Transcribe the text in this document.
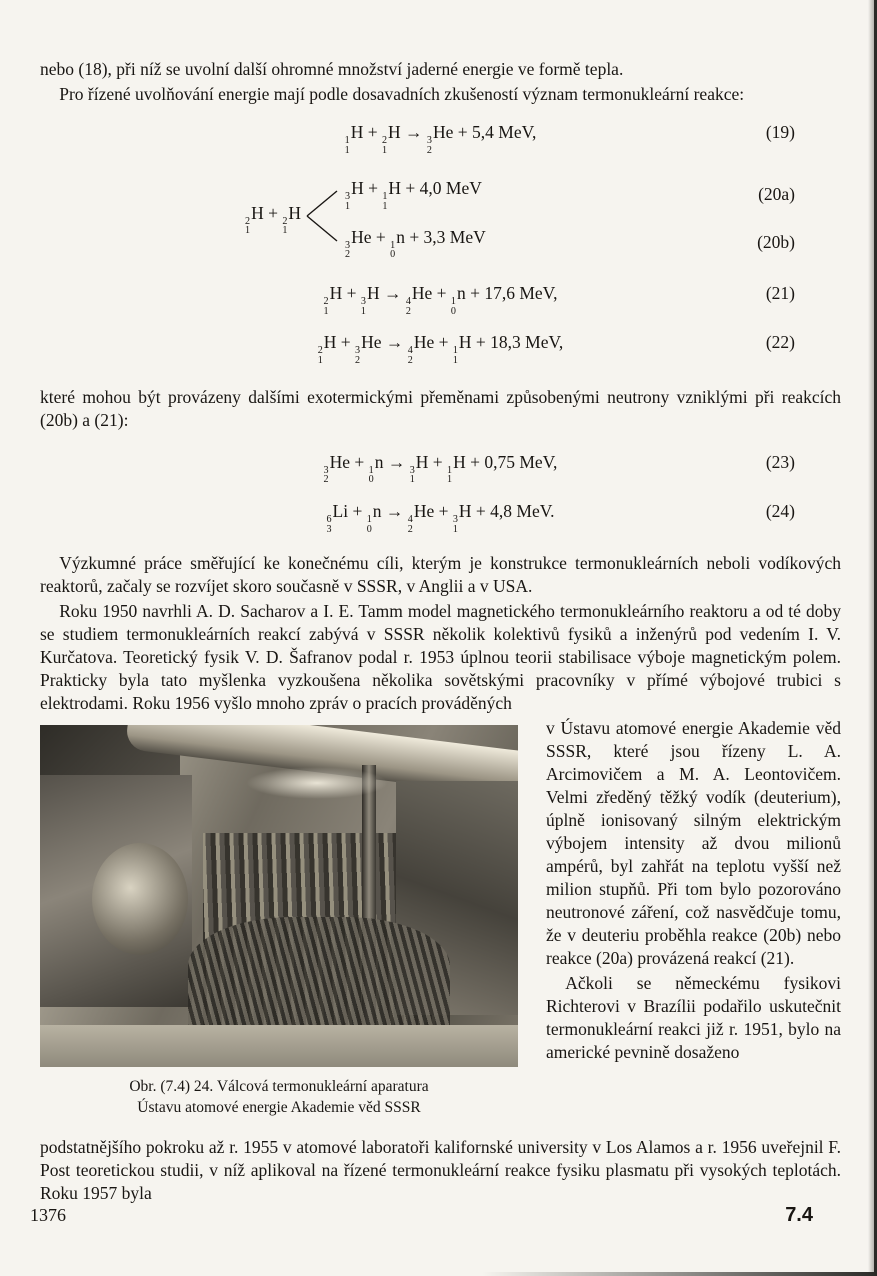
nebo (18), při níž se uvolní další ohromné množství jaderné energie ve formě tepla.

Pro řízené uvolňování energie mají podle dosavadních zkušeností význam termonukleární reakce:

1
1
H + 2
1
H → 3
2
He + 5,4 MeV,	(19)
2
1
H + 2
1
H
3
1
H + 1
1
H + 4,0 MeV	(20a)
3
2
He + 1
0
n + 3,3 MeV	(20b)
2
1
H + 3
1
H → 4
2
He + 1
0
n + 17,6 MeV,	(21)
2
1
H + 3
2
He → 4
2
He + 1
1
H + 18,3 MeV,	(22)

které mohou být provázeny dalšími exotermickými přeměnami způsobenými neutrony vzniklými při reakcích (20b) a (21):

3
2
He + 1
0
n → 3
1
H + 1
1
H + 0,75 MeV,	(23)
6
3
Li + 1
0
n → 4
2
He + 3
1
H + 4,8 MeV.	(24)

Výzkumné práce směřující ke konečnému cíli, kterým je konstrukce termonukleárních neboli vodíkových reaktorů, začaly se rozvíjet skoro současně v SSSR, v Anglii a v USA.

Roku 1950 navrhli A. D. Sacharov a I. E. Tamm model magnetického termonukleárního reaktoru a od té doby se studiem termonukleárních reakcí zabývá v SSSR několik kolektivů fysiků a inženýrů pod vedením I. V. Kurčatova. Teoretický fysik V. D. Šafranov podal r. 1953 úplnou teorii stabilisace výboje magnetickým polem. Prakticky byla tato myšlenka vyzkoušena několika sovětskými pracovníky v přímé výbojové trubici s elektrodami. Roku 1956 vyšlo mnoho zpráv o pracích prováděných

Obr. (7.4) 24. Válcová termonukleární aparatura
Ústavu atomové energie Akademie věd SSSR

v Ústavu atomové energie Akademie věd SSSR, které jsou řízeny L. A. Arcimovičem a M. A. Leontovičem. Velmi zředěný těžký vodík (deuterium), úplně ionisovaný silným elektrickým výbojem intensity až dvou milionů ampérů, byl zahřát na teplotu vyšší než milion stupňů. Při tom bylo pozorováno neutronové záření, což nasvědčuje tomu, že v deuteriu proběhla reakce (20b) nebo reakce (20a) provázená reakcí (21).

Ačkoli se německému fysikovi Richterovi v Brazílii podařilo uskutečnit termonukleární reakci již r. 1951, bylo na americké pevnině dosaženo

podstatnějšího pokroku až r. 1955 v atomové laboratoři kalifornské university v Los Alamos a r. 1956 uveřejnil F. Post teoretickou studii, v níž aplikoval na řízené termonukleární reakce fysiku plasmatu při vysokých teplotách. Roku 1957 byla

1376	7.4
